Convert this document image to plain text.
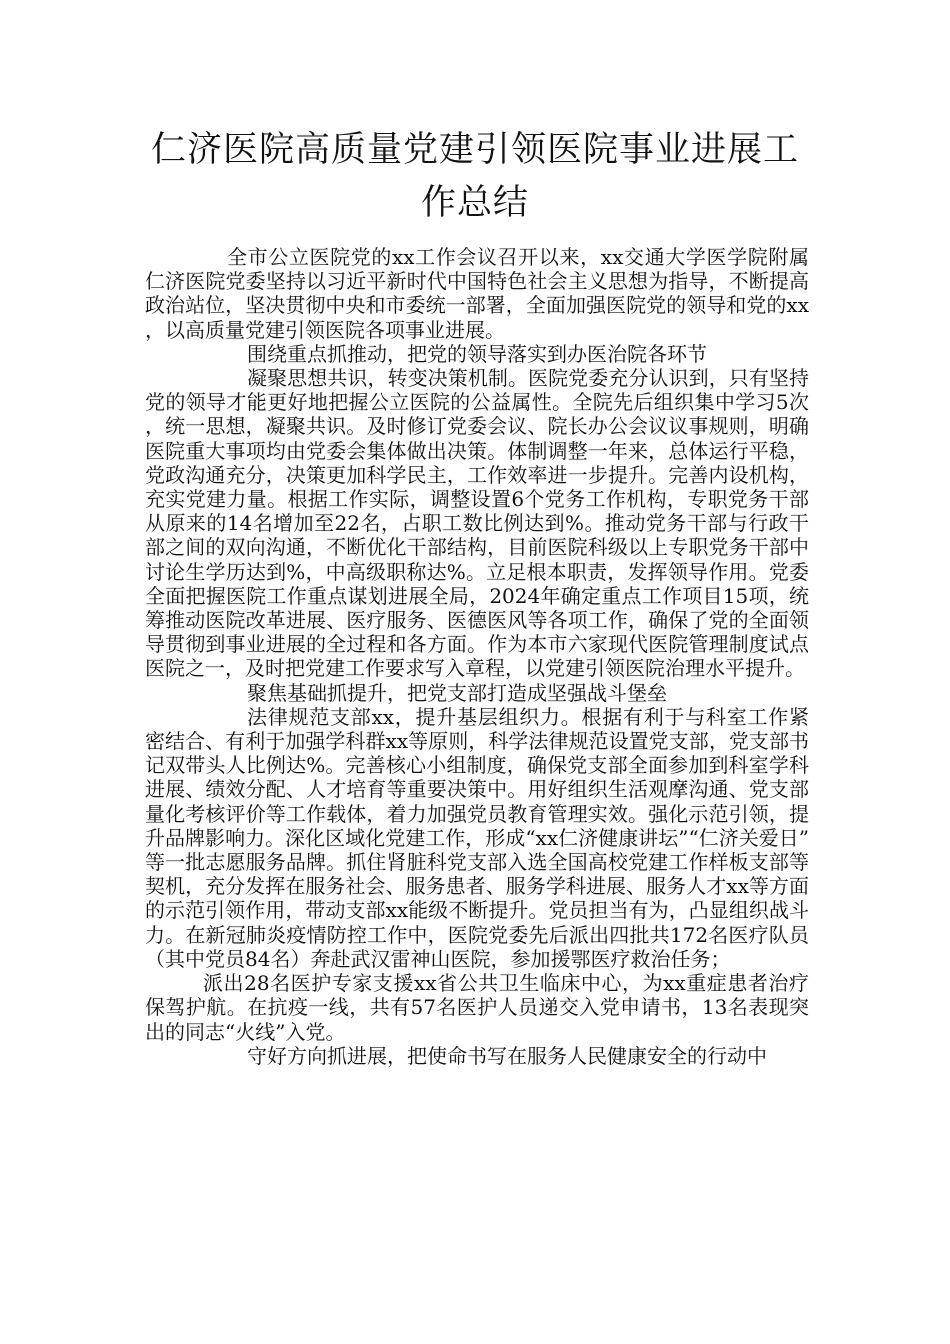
仁济医院高质量党建引领医院事业进展工作总结

全市公立医院党的xx工作会议召开以来，xx交通大学医学院附属仁济医院党委坚持以习近平新时代中国特色社会主义思想为指导，不断提高政治站位，坚决贯彻中央和市委统一部署，全面加强医院党的领导和党的xx，以高质量党建引领医院各项事业进展。

围绕重点抓推动，把党的领导落实到办医治院各环节

凝聚思想共识，转变决策机制。医院党委充分认识到，只有坚持党的领导才能更好地把握公立医院的公益属性。全院先后组织集中学习5次，统一思想，凝聚共识。及时修订党委会议、院长办公会议议事规则，明确医院重大事项均由党委会集体做出决策。体制调整一年来，总体运行平稳，党政沟通充分，决策更加科学民主，工作效率进一步提升。完善内设机构，充实党建力量。根据工作实际，调整设置6个党务工作机构，专职党务干部从原来的14名增加至22名，占职工数比例达到%。推动党务干部与行政干部之间的双向沟通，不断优化干部结构，目前医院科级以上专职党务干部中讨论生学历达到%，中高级职称达%。立足根本职责，发挥领导作用。党委全面把握医院工作重点谋划进展全局，2024年确定重点工作项目15项，统筹推动医院改革进展、医疗服务、医德医风等各项工作，确保了党的全面领导贯彻到事业进展的全过程和各方面。作为本市六家现代医院管理制度试点医院之一，及时把党建工作要求写入章程，以党建引领医院治理水平提升。

聚焦基础抓提升，把党支部打造成坚强战斗堡垒

法律规范支部xx，提升基层组织力。根据有利于与科室工作紧密结合、有利于加强学科群xx等原则，科学法律规范设置党支部，党支部书记双带头人比例达%。完善核心小组制度，确保党支部全面参加到科室学科进展、绩效分配、人才培育等重要决策中。用好组织生活观摩沟通、党支部量化考核评价等工作载体，着力加强党员教育管理实效。强化示范引领，提升品牌影响力。深化区域化党建工作，形成“xx仁济健康讲坛”“仁济关爱日”等一批志愿服务品牌。抓住肾脏科党支部入选全国高校党建工作样板支部等契机，充分发挥在服务社会、服务患者、服务学科进展、服务人才xx等方面的示范引领作用，带动支部xx能级不断提升。党员担当有为，凸显组织战斗力。在新冠肺炎疫情防控工作中，医院党委先后派出四批共172名医疗队员（其中党员84名）奔赴武汉雷神山医院，参加援鄂医疗救治任务；

派出28名医护专家支援xx省公共卫生临床中心，为xx重症患者治疗保驾护航。在抗疫一线，共有57名医护人员递交入党申请书，13名表现突出的同志“火线”入党。

守好方向抓进展，把使命书写在服务人民健康安全的行动中
